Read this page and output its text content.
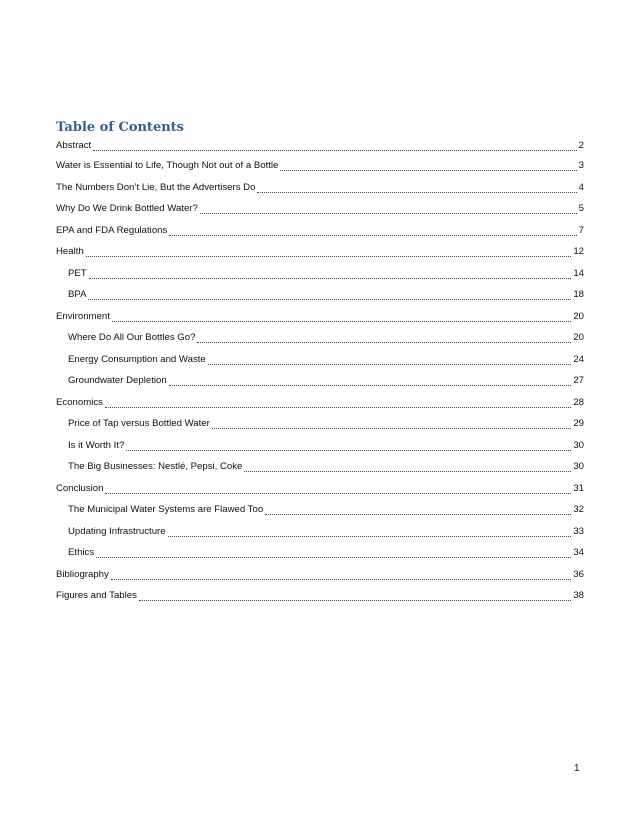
Table of Contents
Abstract	2
Water is Essential to Life, Though Not out of a Bottle	3
The Numbers Don’t Lie, But the Advertisers Do	4
Why Do We Drink Bottled Water?	5
EPA and FDA Regulations	7
Health	12
PET	14
BPA	18
Environment	20
Where Do All Our Bottles Go?	20
Energy Consumption and Waste	24
Groundwater Depletion	27
Economics	28
Price of Tap versus Bottled Water	29
Is it Worth It?	30
The Big Businesses: Nestlé, Pepsi, Coke	30
Conclusion	31
The Municipal Water Systems are Flawed Too	32
Updating Infrastructure	33
Ethics	34
Bibliography	36
Figures and Tables	38
1
